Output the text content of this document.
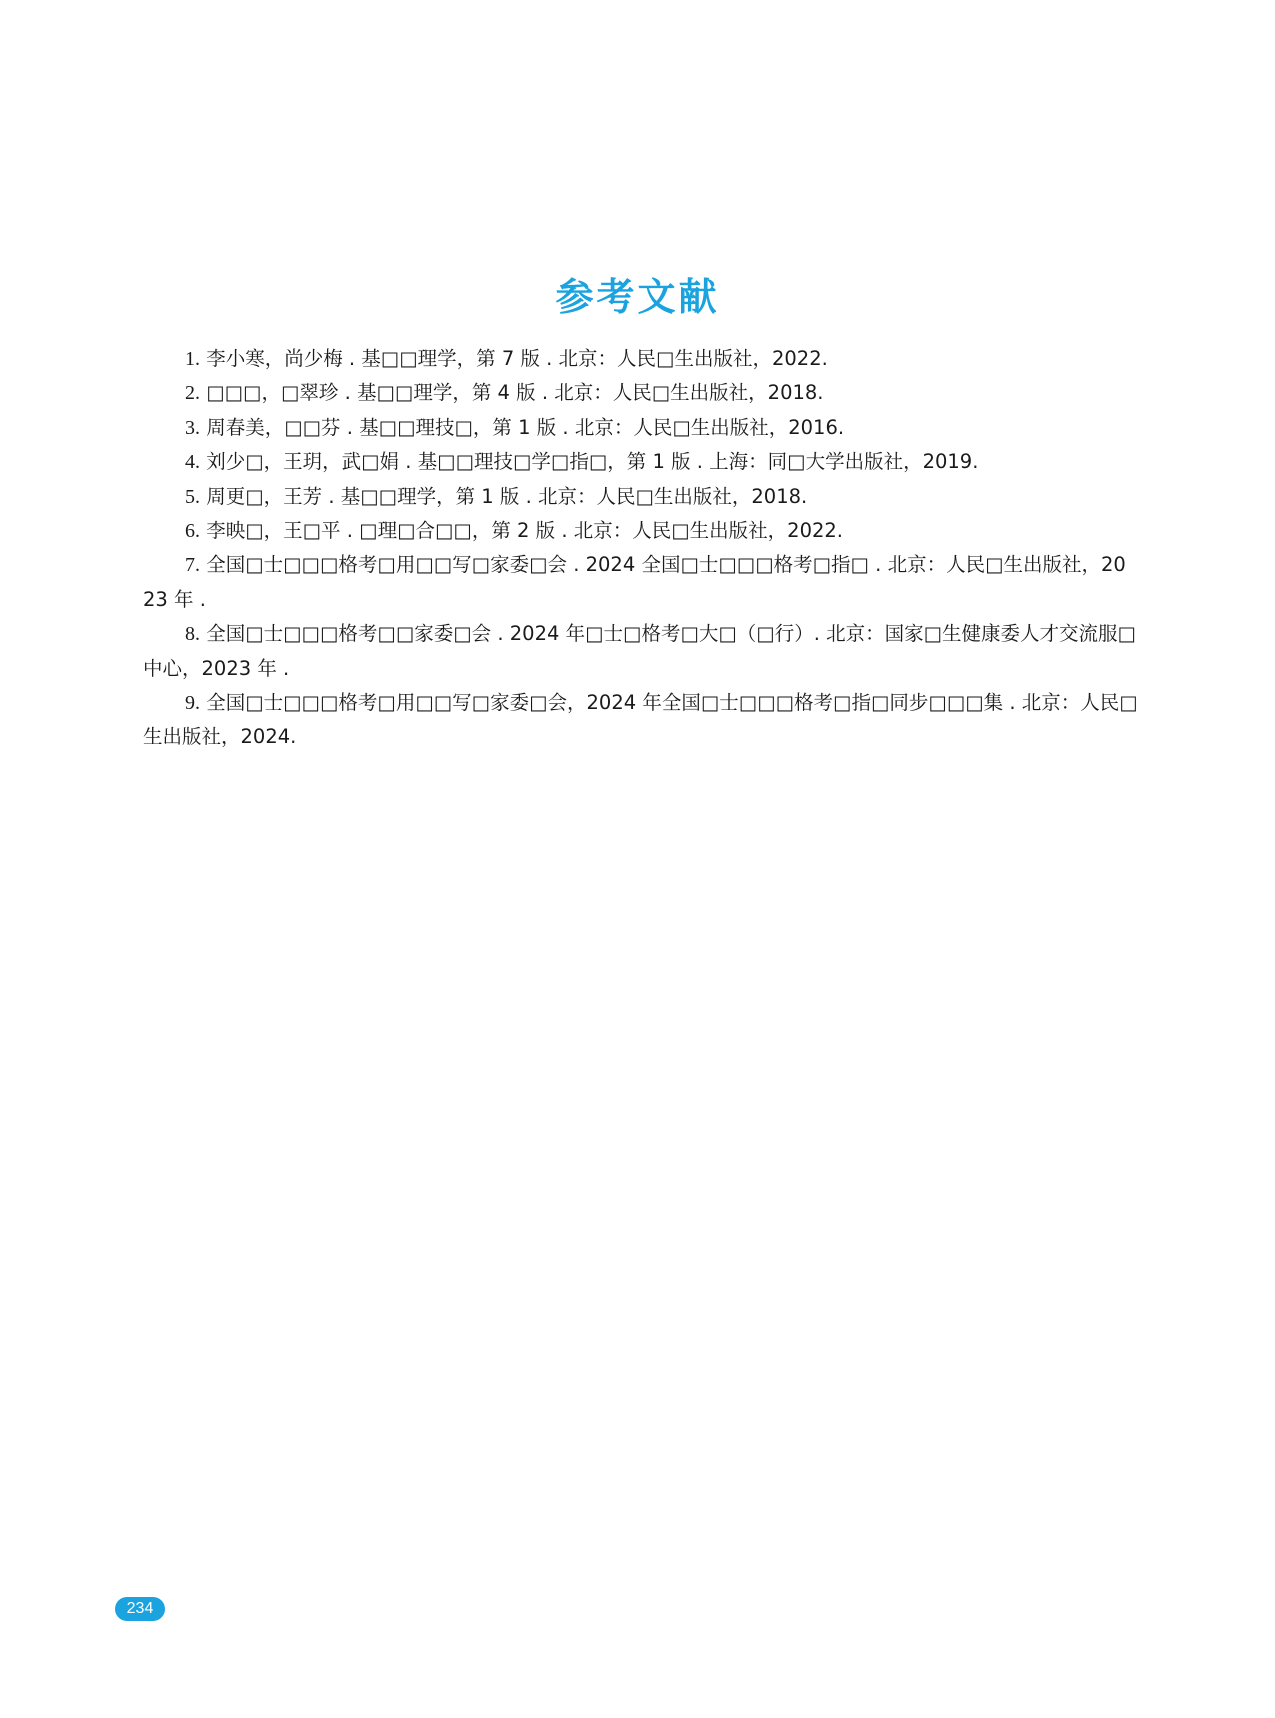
参考文献

1. 李小寒，尚少梅 . 基□□理学，第 7 版 . 北京：人民□生出版社，2022.

2. □□□，□翠珍 . 基□□理学，第 4 版 . 北京：人民□生出版社，2018.

3. 周春美，□□芬 . 基□□理技□，第 1 版 . 北京：人民□生出版社，2016.

4. 刘少□，王玥，武□娟 . 基□□理技□学□指□，第 1 版 . 上海：同□大学出版社，2019.

5. 周更□，王芳 . 基□□理学，第 1 版 . 北京：人民□生出版社，2018.

6. 李映□，王□平 . □理□合□□，第 2 版 . 北京：人民□生出版社，2022.

7. 全国□士□□□格考□用□□写□家委□会 . 2024 全国□士□□□格考□指□ . 北京：人民□生出版社，2023 年 .

8. 全国□士□□□格考□□家委□会 . 2024 年□士□格考□大□（□行）. 北京：国家□生健康委人才交流服□中心，2023 年 .

9. 全国□士□□□格考□用□□写□家委□会，2024 年全国□士□□□格考□指□同步□□□集 . 北京：人民□生出版社，2024.

234
